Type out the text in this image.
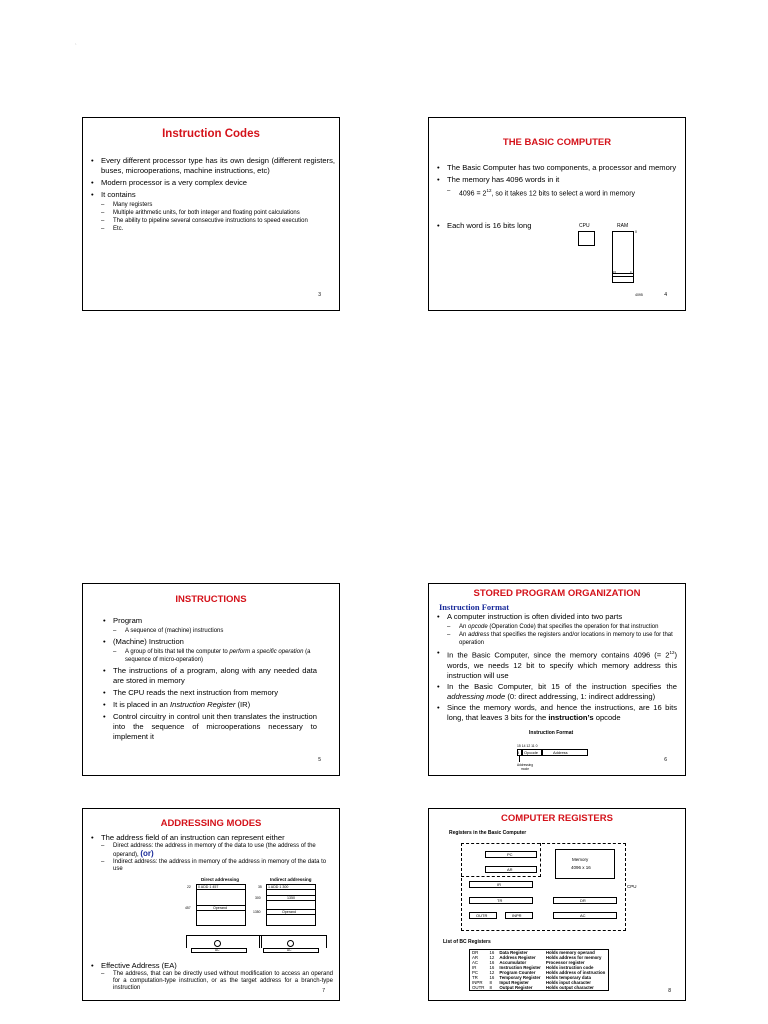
`
Instruction Codes
• Every different processor type has its own design (different registers, buses, microoperations, machine instructions, etc)
• Modern processor is a very complex device
• It contains
– Many registers
– Multiple arithmetic units, for both integer and floating point calculations
– The ability to pipeline several consecutive instructions to speed execution
– Etc.
3
THE BASIC COMPUTER
• The Basic Computer has two components, a processor and memory
• The memory has 4096 words in it
– $4096 = 2^{12}$, so it takes 12 bits to select a word in memory
• Each word is 16 bits long	CPU	RAM
0
15	0
4095	4
INSTRUCTIONS
• Program
– A sequence of (machine) instructions
• (Machine) Instruction
– A group of bits that tell the computer to perform a specific operation (a sequence of micro-operation)
• The instructions of a program, along with any needed data are stored in memory
• The CPU reads the next instruction from memory
• It is placed in an Instruction Register (IR)
• Control circuitry in control unit then translates the instruction into the sequence of microoperations necessary to implement it
5
STORED PROGRAM ORGANIZATION
Instruction Format
• A computer instruction is often divided into two parts
– An opcode (Operation Code) that specifies the operation for that instruction
– An address that specifies the registers and/or locations in memory to use for that operation
• In the Basic Computer, since the memory contains 4096 (= $2^{12}$) words, we needs 12 bit to specify which memory address this instruction will use
• In the Basic Computer, bit 15 of the instruction specifies the addressing mode (0: direct addressing, 1: indirect addressing)
• Since the memory words, and hence the instructions, are 16 bits long, that leaves 3 bits for the instruction’s opcode
Instruction Format
15 14 12 11 0
I Opcode	Address
Addressing mode
6
ADDRESSING MODES
• The address field of an instruction can represent either
– Direct address: the address in memory of the data to use (the address of the operand), (or)
– Indirect address: the address in memory of the address in memory of the data to use
Direct addressing
22 0 ADD 1 457
457	Operand
AC
Indirect addressing
35 1 ADD 1 300
300	1350
1350	Operand
AC
• Effective Address (EA)
– The address, that can be directly used without modification to access an operand for a computation-type instruction, or as the target address for a branch-type instruction	7
COMPUTER REGISTERS
Registers in the Basic Computer
PC
AR
Memory
4096 x 16
IR	CPU
TR	DR
OUTR	INPR	AC
List of BC Registers
DR	16	Data Register	Holds memory operand
AR	12	Address Register	Holds address for memory
AC	16	Accumulator	Processor register
IR	16	Instruction Register	Holds instruction code
PC	12	Program Counter	Holds address of instruction
TR	16	Temporary Register	Holds temporary data
INPR	8	Input Register	Holds input character
OUTR	8	Output Register	Holds output character
8
